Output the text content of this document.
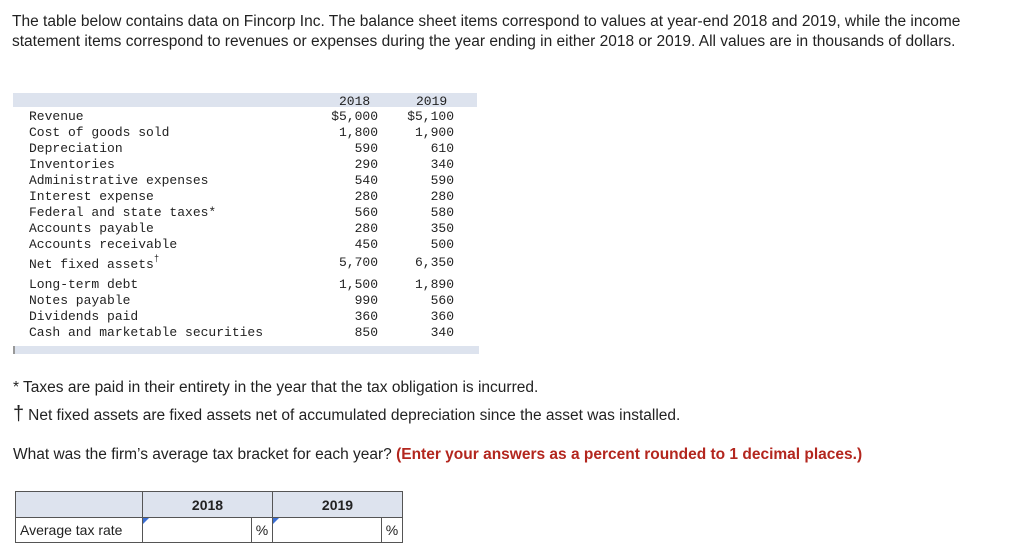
The table below contains data on Fincorp Inc. The balance sheet items correspond to values at year-end 2018 and 2019, while the income statement items correspond to revenues or expenses during the year ending in either 2018 or 2019. All values are in thousands of dollars.
2018	2019
Revenue	$5,000 $5,100
Cost of goods sold	1,800	1,900
Depreciation	590	610
Inventories	290	340
Administrative expenses	540	590
Interest expense	280	280
Federal and state taxes*	560	580
Accounts payable	280	350
Accounts receivable	450	500
Net fixed assets†	5,700	6,350
Long-term debt	1,500	1,890
Notes payable	990	560
Dividends paid	360	360
Cash and marketable securities	850	340
* Taxes are paid in their entirety in the year that the tax obligation is incurred.
† Net fixed assets are fixed assets net of accumulated depreciation since the asset was installed.
What was the firm’s average tax bracket for each year? (Enter your answers as a percent rounded to 1 decimal places.)
	2018		2019	
Average tax rate		%		%
